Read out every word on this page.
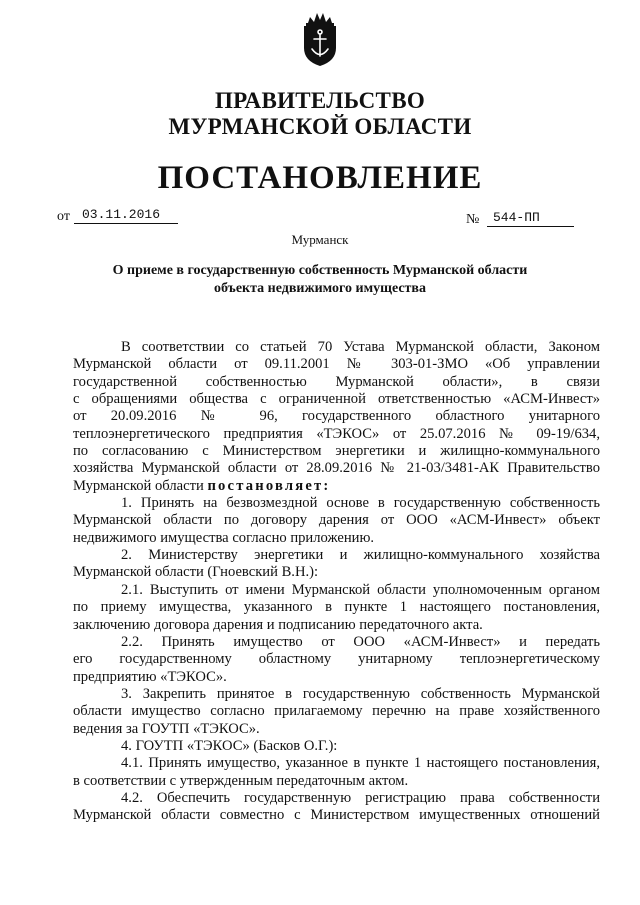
ПРАВИТЕЛЬСТВО
МУРМАНСКОЙ ОБЛАСТИ
ПОСТАНОВЛЕНИЕ
от 03.11.2016	№	544-ПП
Мурманск
О приеме в государственную собственность Мурманской области
объекта недвижимого имущества
В соответствии со статьей 70 Устава Мурманской области, Законом
Мурманской области от 09.11.2001 № 303-01-ЗМО «Об управлении
государственной собственностью Мурманской области», в связи
с обращениями общества с ограниченной ответственностью «АСМ-Инвест»
от 20.09.2016 № 96, государственного областного унитарного
теплоэнергетического предприятия «ТЭКОС» от 25.07.2016 № 09-19/634,
по согласованию с Министерством энергетики и жилищно-коммунального
хозяйства Мурманской области от 28.09.2016 № 21-03/3481-АК Правительство
Мурманской области постановляет:
1. Принять на безвозмездной основе в государственную собственность
Мурманской области по договору дарения от ООО «АСМ-Инвест» объект
недвижимого имущества согласно приложению.
2. Министерству энергетики и жилищно-коммунального хозяйства
Мурманской области (Гноевский В.Н.):
2.1. Выступить от имени Мурманской области уполномоченным органом
по приему имущества, указанного в пункте 1 настоящего постановления,
заключению договора дарения и подписанию передаточного акта.
2.2. Принять имущество от ООО «АСМ-Инвест» и передать
его государственному областному унитарному теплоэнергетическому
предприятию «ТЭКОС».
3. Закрепить принятое в государственную собственность Мурманской
области имущество согласно прилагаемому перечню на праве хозяйственного
ведения за ГОУТП «ТЭКОС».
4. ГОУТП «ТЭКОС» (Басков О.Г.):
4.1. Принять имущество, указанное в пункте 1 настоящего постановления,
в соответствии с утвержденным передаточным актом.
4.2. Обеспечить государственную регистрацию права собственности
Мурманской области совместно с Министерством имущественных отношений
